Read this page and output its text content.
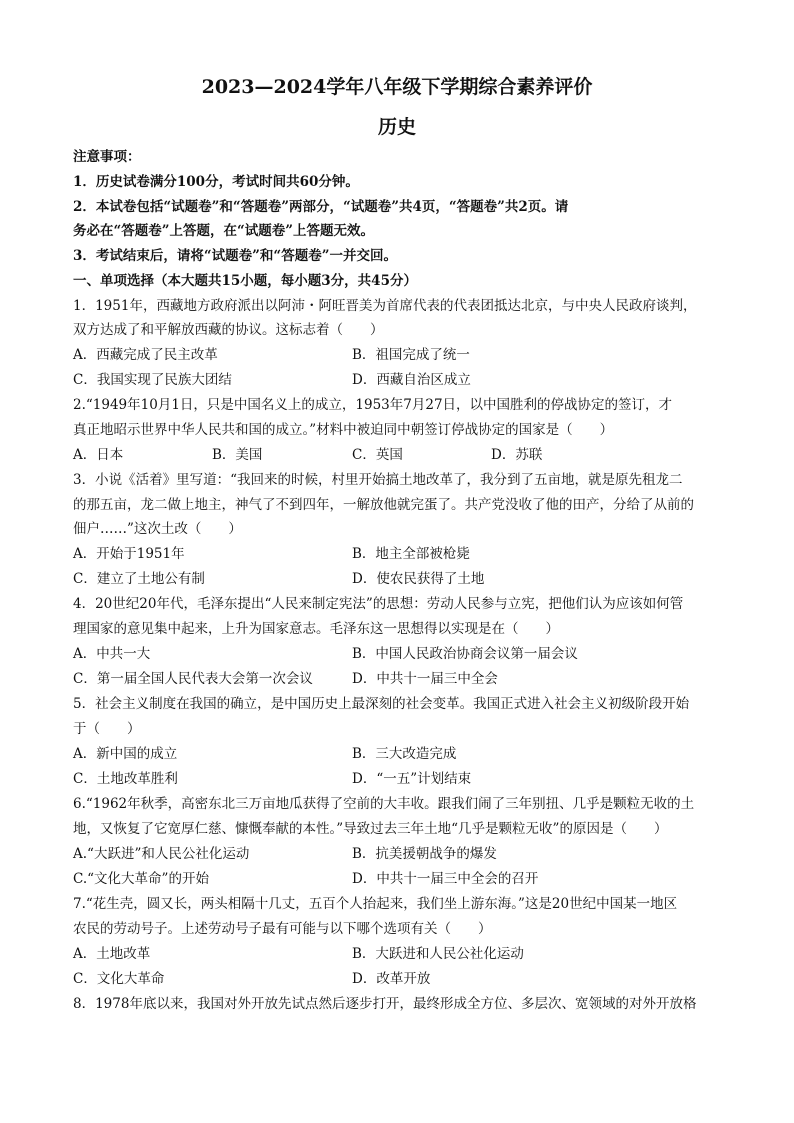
2023—2024学年八年级下学期综合素养评价
历史
注意事项：
1．历史试卷满分100分，考试时间共60分钟。
2．本试卷包括“试题卷”和“答题卷”两部分，“试题卷”共4页，“答题卷”共2页。请
务必在“答题卷”上答题，在“试题卷”上答题无效。
3．考试结束后，请将“试题卷”和“答题卷”一并交回。
一、单项选择（本大题共15小题，每小题3分，共45分）
1．1951年，西藏地方政府派出以阿沛・阿旺晋美为首席代表的代表团抵达北京，与中央人民政府谈判，
双方达成了和平解放西藏的协议。这标志着（　　）
A．西藏完成了民主改革	B．祖国完成了统一
C．我国实现了民族大团结	D．西藏自治区成立
2.“1949年10月1日，只是中国名义上的成立，1953年7月27日，以中国胜利的停战协定的签订，才
真正地昭示世界中华人民共和国的成立。”材料中被迫同中朝签订停战协定的国家是（　　）
A．日本	B．美国	C．英国	D．苏联
3．小说《活着》里写道：“我回来的时候，村里开始搞土地改革了，我分到了五亩地，就是原先租龙二
的那五亩，龙二做上地主，神气了不到四年，一解放他就完蛋了。共产党没收了他的田产，分给了从前的
佃户……”这次土改（　　）
A．开始于1951年	B．地主全部被枪毙
C．建立了土地公有制	D．使农民获得了土地
4．20世纪20年代，毛泽东提出“人民来制定宪法”的思想：劳动人民参与立宪，把他们认为应该如何管
理国家的意见集中起来，上升为国家意志。毛泽东这一思想得以实现是在（　　）
A．中共一大	B．中国人民政治协商会议第一届会议
C．第一届全国人民代表大会第一次会议	D．中共十一届三中全会
5．社会主义制度在我国的确立，是中国历史上最深刻的社会变革。我国正式进入社会主义初级阶段开始
于（　　）
A．新中国的成立	B．三大改造完成
C．土地改革胜利	D．“一五”计划结束
6.“1962年秋季，高密东北三万亩地瓜获得了空前的大丰收。跟我们闹了三年别扭、几乎是颗粒无收的土
地，又恢复了它宽厚仁慈、慷慨奉献的本性。”导致过去三年土地“几乎是颗粒无收”的原因是（　　）
A.“大跃进”和人民公社化运动	B．抗美援朝战争的爆发
C.“文化大革命”的开始	D．中共十一届三中全会的召开
7.“花生壳，圆又长，两头相隔十几丈，五百个人抬起来，我们坐上游东海。”这是20世纪中国某一地区
农民的劳动号子。上述劳动号子最有可能与以下哪个选项有关（　　）
A．土地改革	B．大跃进和人民公社化运动
C．文化大革命	D．改革开放
8．1978年底以来，我国对外开放先试点然后逐步打开，最终形成全方位、多层次、宽领域的对外开放格
